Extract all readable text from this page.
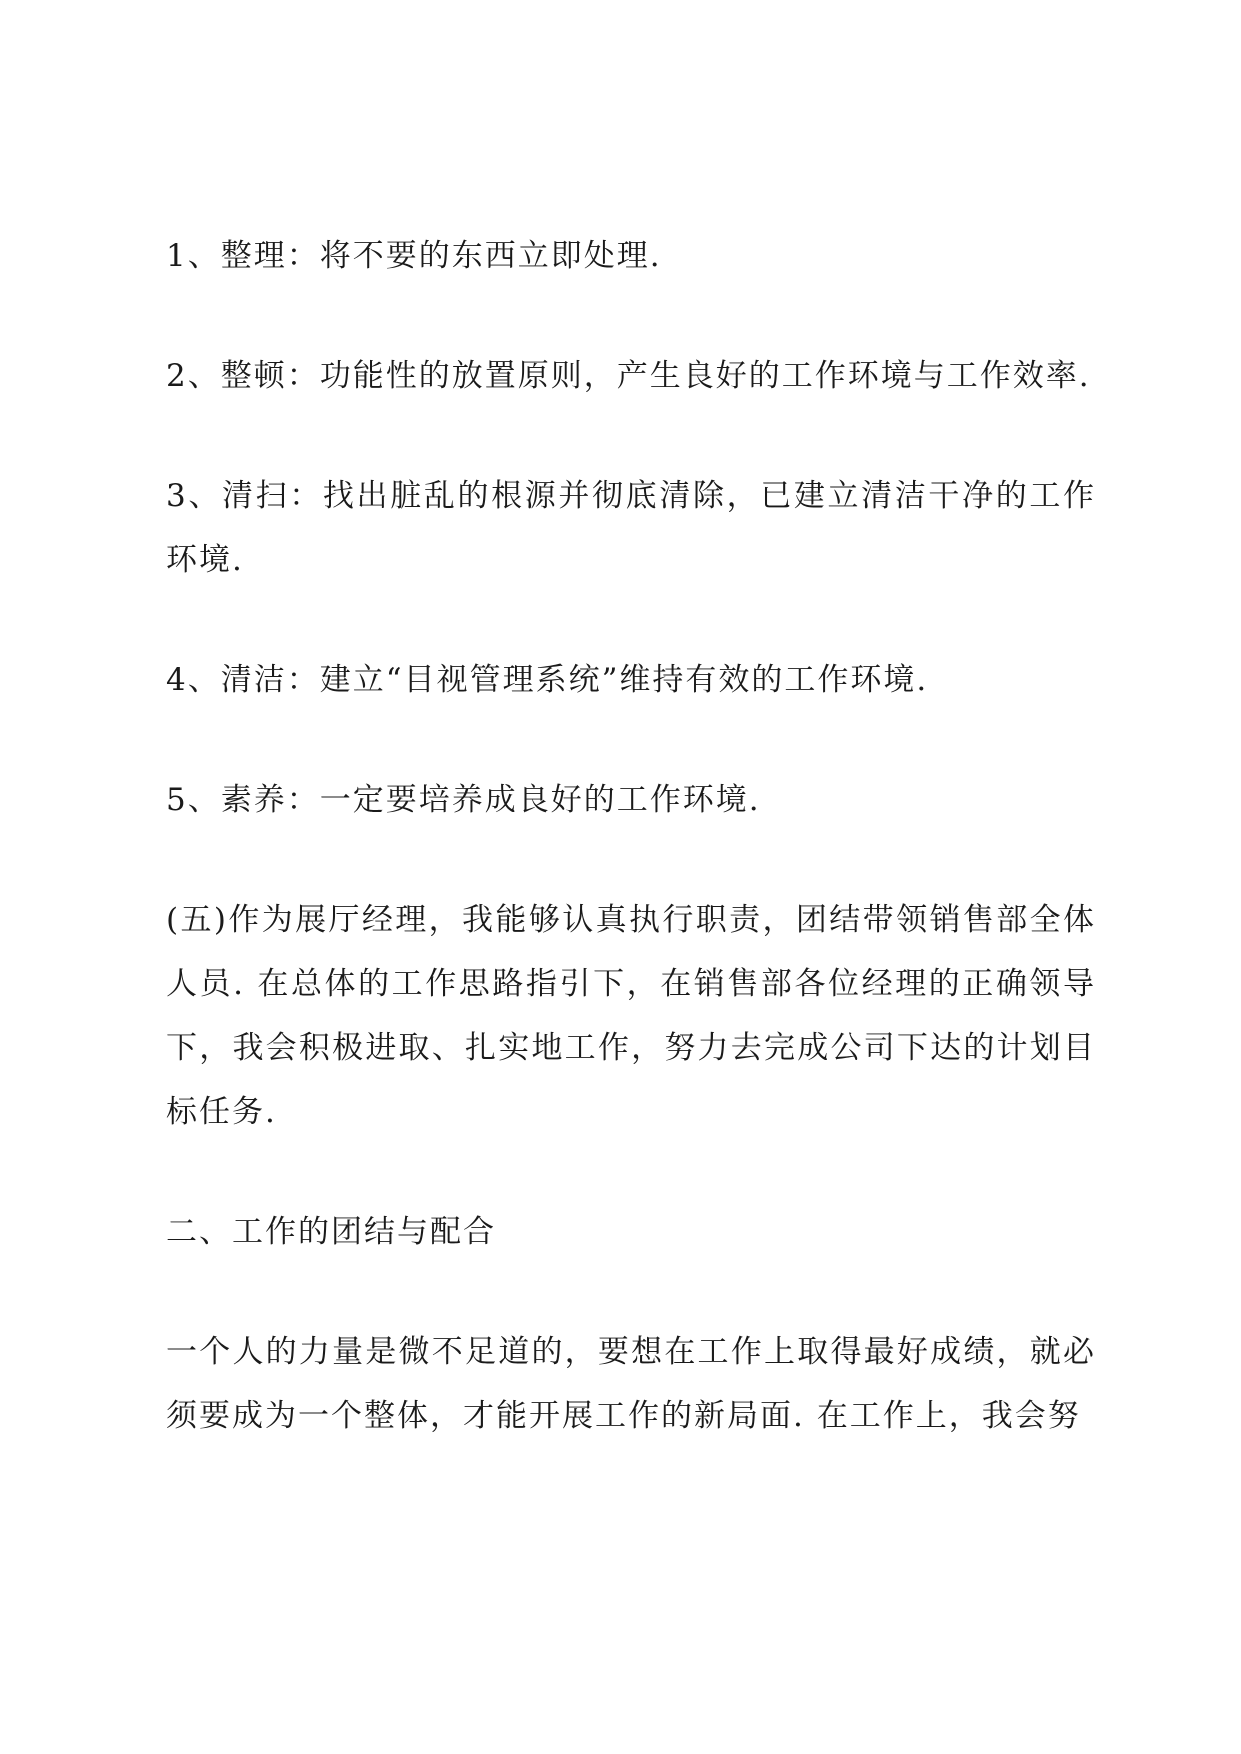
1、整理：将不要的东西立即处理.

2、整顿：功能性的放置原则，产生良好的工作环境与工作效率.

3、清扫：找出脏乱的根源并彻底清除，已建立清洁干净的工作环境.

4、清洁：建立“目视管理系统”维持有效的工作环境.

5、素养：一定要培养成良好的工作环境.

(五)作为展厅经理，我能够认真执行职责，团结带领销售部全体人员. 在总体的工作思路指引下，在销售部各位经理的正确领导下，我会积极进取、扎实地工作，努力去完成公司下达的计划目标任务.

二、工作的团结与配合

一个人的力量是微不足道的，要想在工作上取得最好成绩，就必须要成为一个整体，才能开展工作的新局面. 在工作上，我会努
